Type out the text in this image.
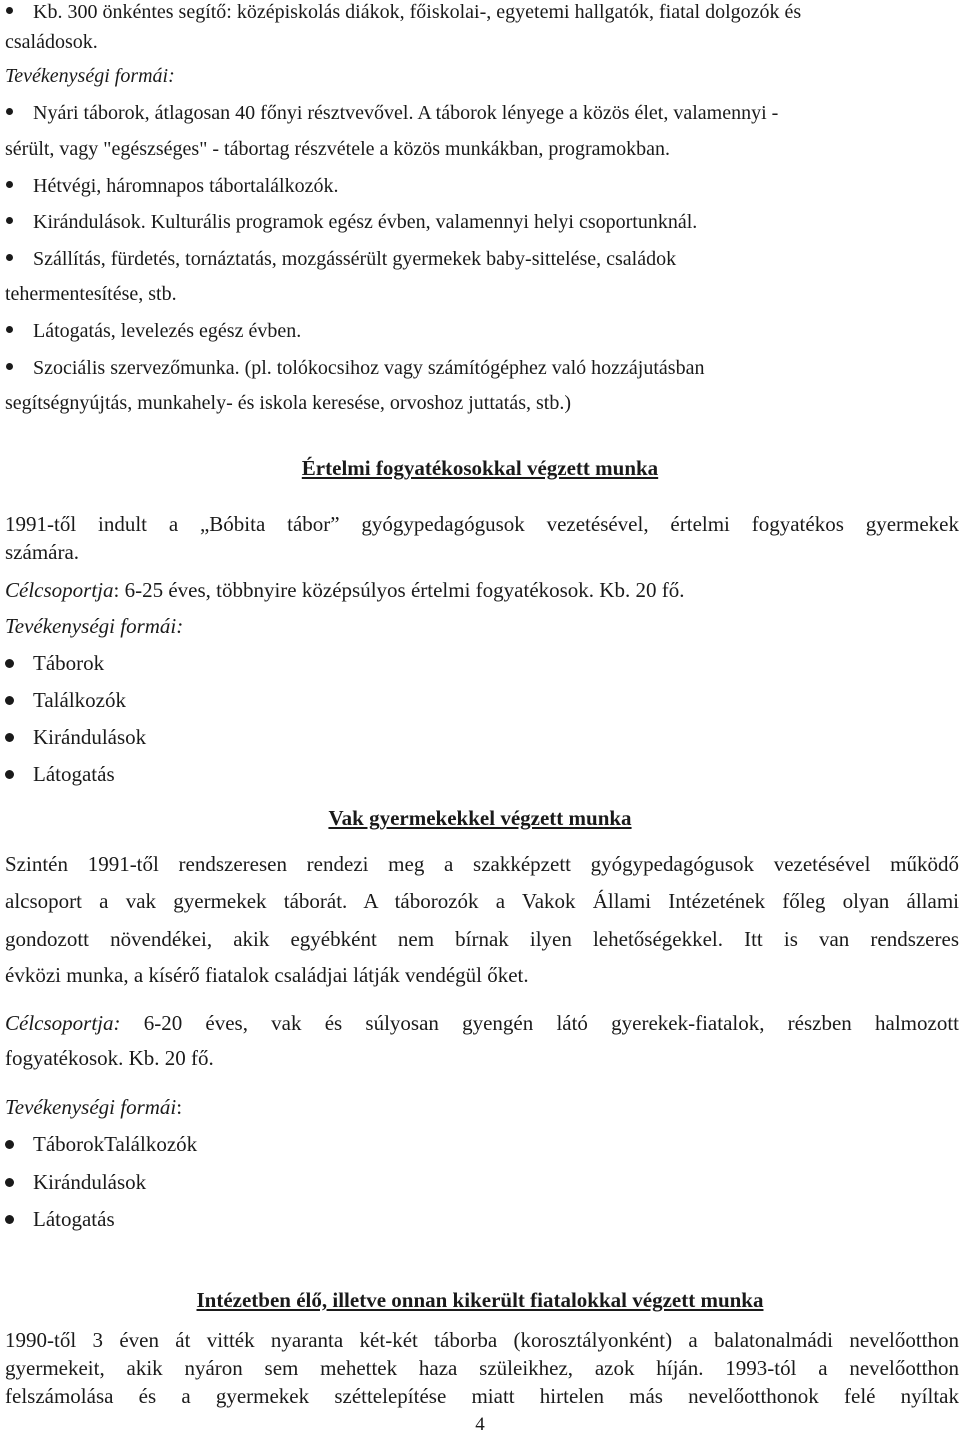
Kb. 300 önkéntes segítő: középiskolás diákok, főiskolai-, egyetemi hallgatók, fiatal dolgozók és
családosok.
Tevékenységi formái:
Nyári táborok, átlagosan 40 főnyi résztvevővel. A táborok lényege a közös élet, valamennyi -
sérült, vagy "egészséges" - tábortag részvétele a közös munkákban, programokban.
Hétvégi, háromnapos tábortalálkozók.
Kirándulások. Kulturális programok egész évben, valamennyi helyi csoportunknál.
Szállítás, fürdetés, tornáztatás, mozgássérült gyermekek baby-sittelése, családok
tehermentesítése, stb.
Látogatás, levelezés egész évben.
Szociális szervezőmunka. (pl. tolókocsihoz vagy számítógéphez való hozzájutásban
segítségnyújtás, munkahely- és iskola keresése, orvoshoz juttatás, stb.)
Értelmi fogyatékosokkal végzett munka
1991-től indult a „Bóbita tábor” gyógypedagógusok vezetésével, értelmi fogyatékos gyermekek
számára.
Célcsoportja: 6-25 éves, többnyire középsúlyos értelmi fogyatékosok. Kb. 20 fő.
Tevékenységi formái:
Táborok
Találkozók
Kirándulások
Látogatás
Vak gyermekekkel végzett munka
Szintén 1991-től rendszeresen rendezi meg a szakképzett gyógypedagógusok vezetésével működő
alcsoport a vak gyermekek táborát. A táborozók a Vakok Állami Intézetének főleg olyan állami
gondozott növendékei, akik egyébként nem bírnak ilyen lehetőségekkel. Itt is van rendszeres
évközi munka, a kísérő fiatalok családjai látják vendégül őket.
Célcsoportja: 6-20 éves, vak és súlyosan gyengén látó gyerekek-fiatalok, részben halmozott
fogyatékosok. Kb. 20 fő.
Tevékenységi formái:
TáborokTalálkozók
Kirándulások
Látogatás
Intézetben élő, illetve onnan kikerült fiatalokkal végzett munka
1990-től 3 éven át vitték nyaranta két-két táborba (korosztályonként) a balatonalmádi nevelőotthon
gyermekeit, akik nyáron sem mehettek haza szüleikhez, azok híján. 1993-tól a nevelőotthon
felszámolása és a gyermekek széttelepítése miatt hirtelen más nevelőotthonok felé nyíltak
4
